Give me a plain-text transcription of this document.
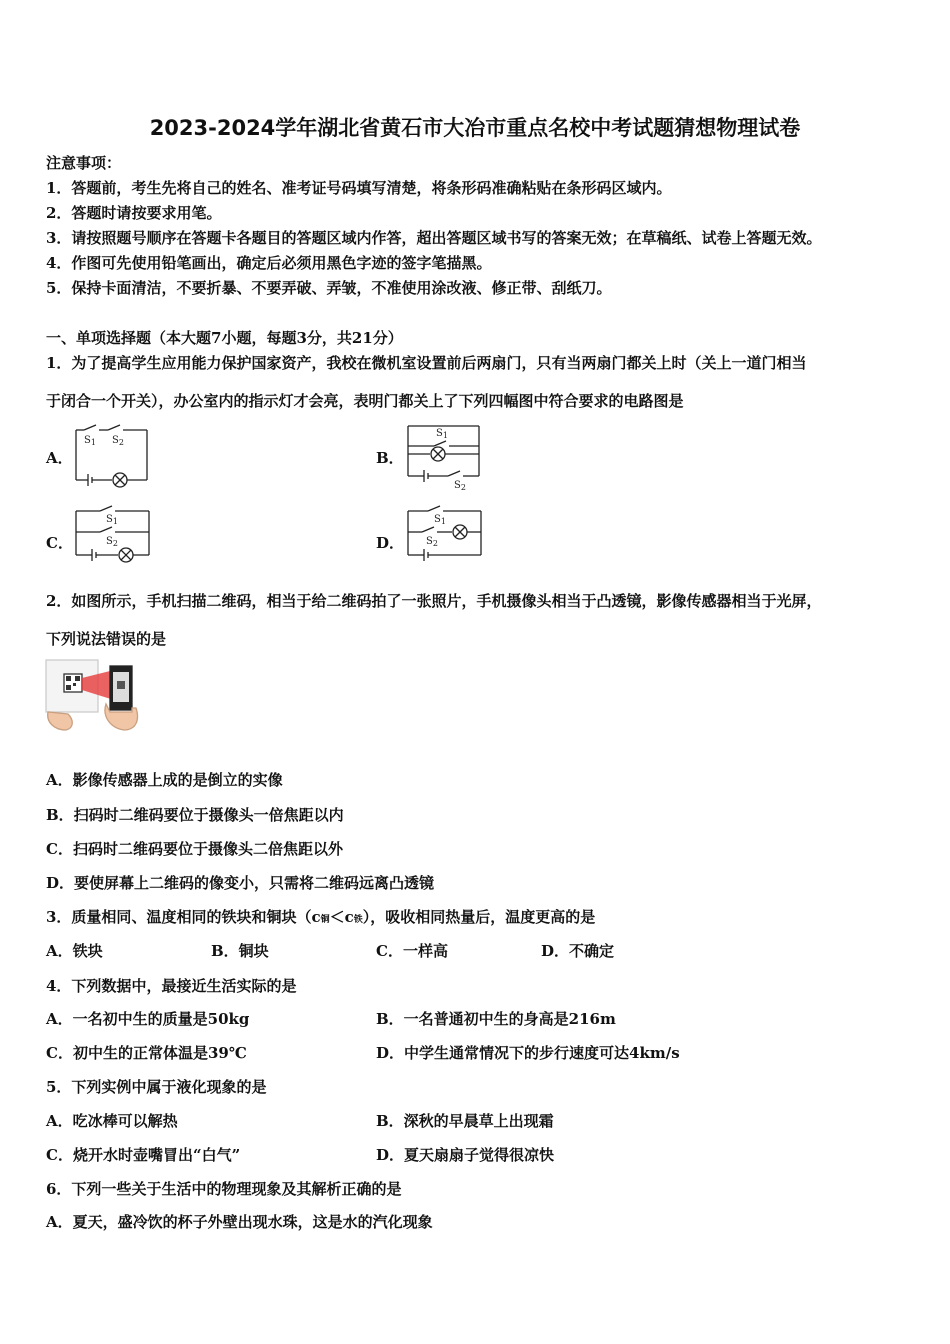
2023-2024学年湖北省黄石市大冶市重点名校中考试题猜想物理试卷
注意事项：
1．答题前，考生先将自己的姓名、准考证号码填写清楚，将条形码准确粘贴在条形码区域内。
2．答题时请按要求用笔。
3．请按照题号顺序在答题卡各题目的答题区域内作答，超出答题区域书写的答案无效；在草稿纸、试卷上答题无效。
4．作图可先使用铅笔画出，确定后必须用黑色字迹的签字笔描黑。
5．保持卡面清洁，不要折暴、不要弄破、弄皱，不准使用涂改液、修正带、刮纸刀。
一、单项选择题（本大题7小题，每题3分，共21分）
1．为了提高学生应用能力保护国家资产，我校在微机室设置前后两扇门，只有当两扇门都关上时（关上一道门相当
于闭合一个开关），办公室内的指示灯才会亮，表明门都关上了下列四幅图中符合要求的电路图是
A．	B．
C．	D．
$S_1$ $S_2$
$S_1$
$S_2$
$S_1$
$S_2$
$S_1$
$S_2$
2．如图所示，手机扫描二维码，相当于给二维码拍了一张照片，手机摄像头相当于凸透镜，影像传感器相当于光屏，
下列说法错误的是
A．影像传感器上成的是倒立的实像
B．扫码时二维码要位于摄像头一倍焦距以内
C．扫码时二维码要位于摄像头二倍焦距以外
D．要使屏幕上二维码的像变小，只需将二维码远离凸透镜
3．质量相同、温度相同的铁块和铜块（c铜＜c铁），吸收相同热量后，温度更高的是
A．铁块	B．铜块	C．一样高	D．不确定
4．下列数据中，最接近生活实际的是
A．一名初中生的质量是50kg	B．一名普通初中生的身高是216m
C．初中生的正常体温是39℃	D．中学生通常情况下的步行速度可达4km/s
5．下列实例中属于液化现象的是
A．吃冰棒可以解热	B．深秋的早晨草上出现霜
C．烧开水时壶嘴冒出“白气”	D．夏天扇扇子觉得很凉快
6．下列一些关于生活中的物理现象及其解析正确的是
A．夏天，盛冷饮的杯子外壁出现水珠，这是水的汽化现象
